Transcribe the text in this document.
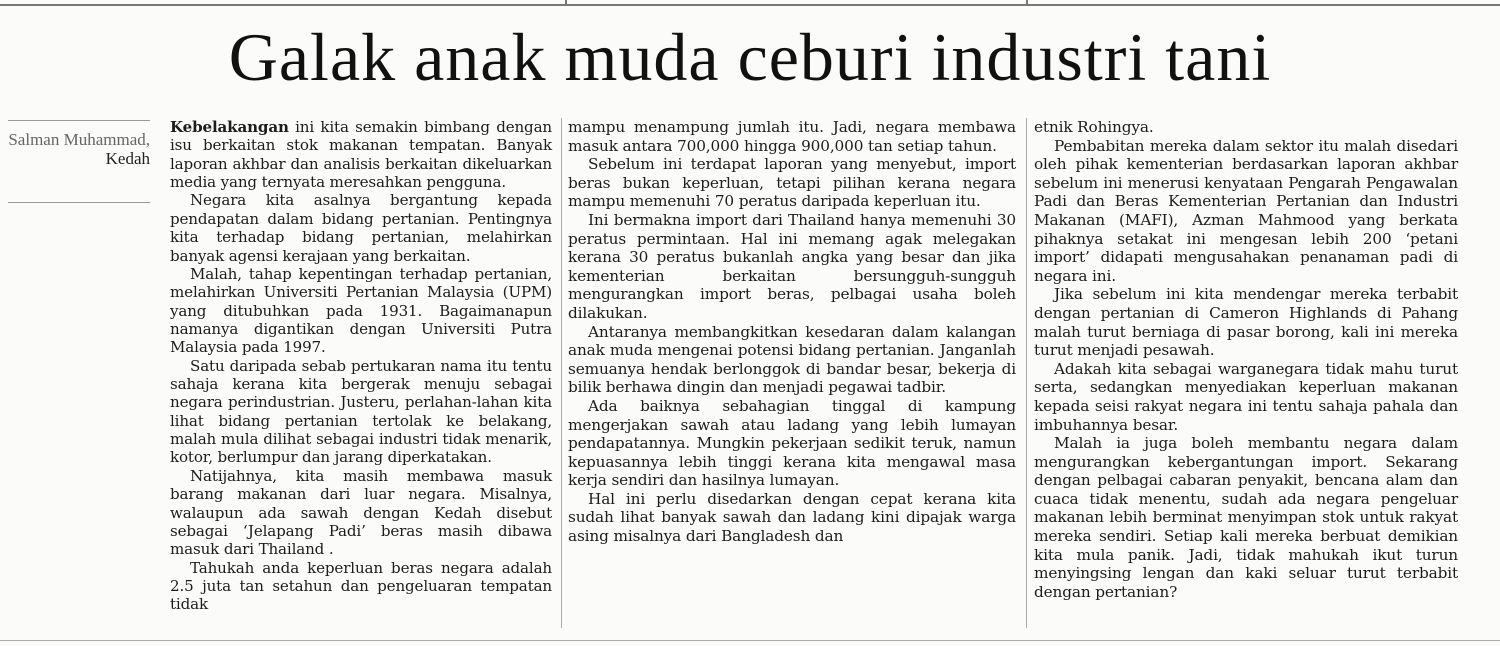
Galak anak muda ceburi industri tani
Salman Muhammad,
Kedah

Kebelakangan ini kita semakin bimbang dengan isu berkaitan stok makanan tempatan. Banyak laporan akhbar dan analisis berkaitan dikeluarkan media yang ternyata meresahkan pengguna.

Negara kita asalnya bergantung kepada pendapatan dalam bidang pertanian. Pentingnya kita terhadap bidang pertanian, melahirkan banyak agensi kerajaan yang berkaitan.

Malah, tahap kepentingan terhadap pertanian, melahirkan Universiti Pertanian Malaysia (UPM) yang ditubuhkan pada 1931. Bagaimanapun namanya digantikan dengan Universiti Putra Malaysia pada 1997.

Satu daripada sebab pertukaran nama itu tentu sahaja kerana kita bergerak menuju sebagai negara perindustrian. Justeru, perlahan-lahan kita lihat bidang pertanian tertolak ke belakang, malah mula dilihat sebagai industri tidak menarik, kotor, berlumpur dan jarang diperkatakan.

Natijahnya, kita masih membawa masuk barang makanan dari luar negara. Misalnya, walaupun ada sawah dengan Kedah disebut sebagai ‘Jelapang Padi’ beras masih dibawa masuk dari Thailand .

Tahukah anda keperluan beras negara adalah 2.5 juta tan setahun dan pengeluaran tempatan tidak

mampu menampung jumlah itu. Jadi, negara membawa masuk antara 700,000 hingga 900,000 tan setiap tahun.

Sebelum ini terdapat laporan yang menyebut, import beras bukan keperluan, tetapi pilihan kerana negara mampu memenuhi 70 peratus daripada keperluan itu.

Ini bermakna import dari Thailand hanya memenuhi 30 peratus permintaan. Hal ini memang agak melegakan kerana 30 peratus bukanlah angka yang besar dan jika kementerian berkaitan bersungguh-sungguh mengurangkan import beras, pelbagai usaha boleh dilakukan.

Antaranya membangkitkan kesedaran dalam kalangan anak muda mengenai potensi bidang pertanian. Janganlah semuanya hendak berlonggok di bandar besar, bekerja di bilik berhawa dingin dan menjadi pegawai tadbir.

Ada baiknya sebahagian tinggal di kampung mengerjakan sawah atau ladang yang lebih lumayan pendapatannya. Mungkin pekerjaan sedikit teruk, namun kepuasannya lebih tinggi kerana kita mengawal masa kerja sendiri dan hasilnya lumayan.

Hal ini perlu disedarkan dengan cepat kerana kita sudah lihat banyak sawah dan ladang kini dipajak warga asing misalnya dari Bangladesh dan

etnik Rohingya.

Pembabitan mereka dalam sektor itu malah disedari oleh pihak kementerian berdasarkan laporan akhbar sebelum ini menerusi kenyataan Pengarah Pengawalan Padi dan Beras Kementerian Pertanian dan Industri Makanan (MAFI), Azman Mahmood yang berkata pihaknya setakat ini mengesan lebih 200 ‘petani import’ didapati mengusahakan penanaman padi di negara ini.

Jika sebelum ini kita mendengar mereka terbabit dengan pertanian di Cameron Highlands di Pahang malah turut berniaga di pasar borong, kali ini mereka turut menjadi pesawah.

Adakah kita sebagai warganegara tidak mahu turut serta, sedangkan menyediakan keperluan makanan kepada seisi rakyat negara ini tentu sahaja pahala dan imbuhannya besar.

Malah ia juga boleh membantu negara dalam mengurangkan kebergantungan import. Sekarang dengan pelbagai cabaran penyakit, bencana alam dan cuaca tidak menentu, sudah ada negara pengeluar makanan lebih berminat menyimpan stok untuk rakyat mereka sendiri. Setiap kali mereka berbuat demikian kita mula panik. Jadi, tidak mahukah ikut turun menyingsing lengan dan kaki seluar turut terbabit dengan pertanian?
